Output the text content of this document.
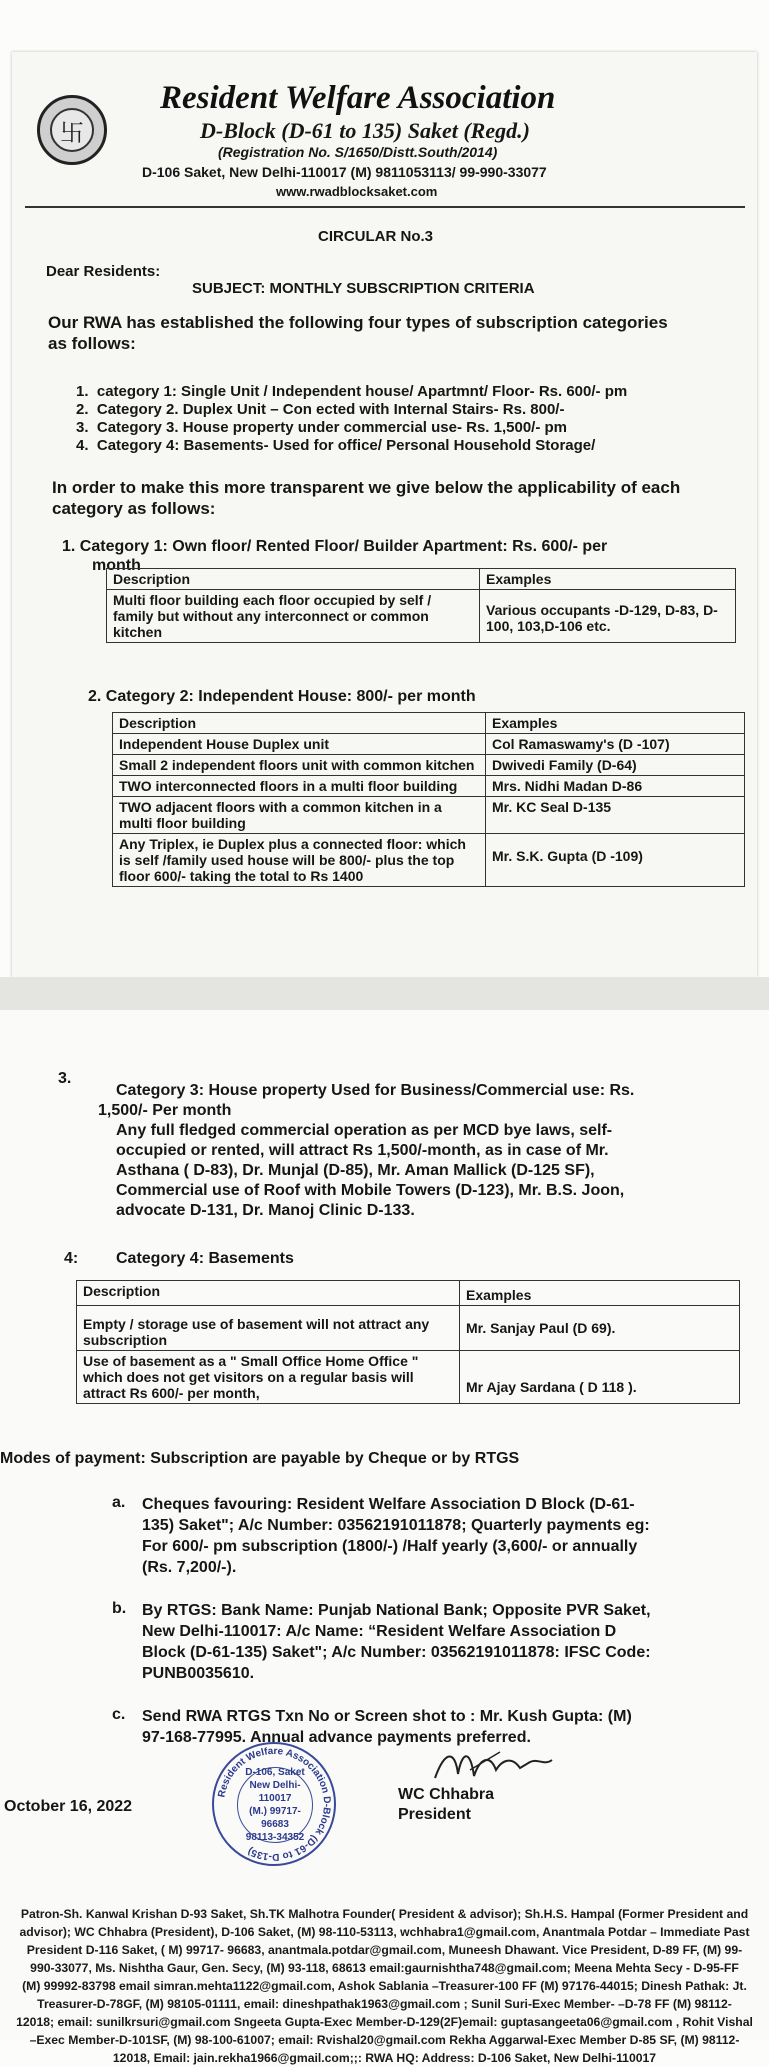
卐
Resident Welfare Association
D-Block (D-61 to 135) Saket (Regd.)
(Registration No. S/1650/Distt.South/2014)
D-106 Saket, New Delhi-110017 (M) 9811053113/ 99-990-33077
www.rwadblocksaket.com
CIRCULAR No.3
Dear Residents:
SUBJECT: MONTHLY SUBSCRIPTION CRITERIA
Our RWA has established the following four types of subscription categories
as follows:
1. category 1: Single Unit / Independent house/ Apartmnt/ Floor- Rs. 600/- pm
2. Category 2. Duplex Unit – Con ected with Internal Stairs- Rs. 800/-
3. Category 3. House property under commercial use- Rs. 1,500/- pm
4. Category 4: Basements- Used for office/ Personal Household Storage/
In order to make this more transparent we give below the applicability of each
category as follows:
1. Category 1: Own floor/ Rented Floor/ Builder Apartment: Rs. 600/- per
month
Description	Examples
Multi floor building each floor occupied by self / family but without any interconnect or common kitchen	Various occupants -D-129, D-83, D-100, 103,D-106 etc.
2. Category 2: Independent House: 800/- per month
Description	Examples
Independent House Duplex unit	Col Ramaswamy's (D -107)
Small 2 independent floors unit with common kitchen	Dwivedi Family (D-64)
TWO interconnected floors in a multi floor building	Mrs. Nidhi Madan D-86
TWO adjacent floors with a common kitchen in a multi floor building	Mr. KC Seal D-135
Any Triplex, ie Duplex plus a connected floor: which is self /family used house will be 800/- plus the top floor 600/- taking the total to Rs 1400	Mr. S.K. Gupta (D -109)
3.
Category 3: House property Used for Business/Commercial use: Rs.
1,500/- Per month
Any full fledged commercial operation as per MCD bye laws, self-
occupied or rented, will attract Rs 1,500/-month, as in case of Mr.
Asthana ( D-83), Dr. Munjal (D-85), Mr. Aman Mallick (D-125 SF),
Commercial use of Roof with Mobile Towers (D-123), Mr. B.S. Joon,
advocate D-131, Dr. Manoj Clinic D-133.
4: Category 4: Basements
Description	Examples
Empty / storage use of basement will not attract any subscription	Mr. Sanjay Paul (D 69).
Use of basement as a " Small Office Home Office " which does not get visitors on a regular basis will attract Rs 600/- per month,	Mr Ajay Sardana ( D 118 ).
Modes of payment: Subscription are payable by Cheque or by RTGS
a. Cheques favouring: Resident Welfare Association D Block (D-61-
135) Saket"; A/c Number: 03562191011878; Quarterly payments eg:
For 600/- pm subscription (1800/-) /Half yearly (3,600/- or annually
(Rs. 7,200/-).
b. By RTGS: Bank Name: Punjab National Bank; Opposite PVR Saket,
New Delhi-110017: A/c Name: “Resident Welfare Association D
Block (D-61-135) Saket"; A/c Number: 03562191011878: IFSC Code:
PUNB0035610.
c. Send RWA RTGS Txn No or Screen shot to : Mr. Kush Gupta: (M)
97-168-77995. Annual advance payments preferred.
October 16, 2022
Resident Welfare Association D-Block (D-61 to D-135)
D-106, Saket
New Delhi-110017
(M.) 99717-96683
98113-34352
WC Chhabra
President
Patron-Sh. Kanwal Krishan D-93 Saket, Sh.TK Malhotra Founder( President & advisor); Sh.H.S. Hampal (Former President and
advisor); WC Chhabra (President), D-106 Saket, (M) 98-110-53113, wchhabra1@gmail.com, Anantmala Potdar – Immediate Past
President D-116 Saket, ( M) 99717- 96683, anantmala.potdar@gmail.com, Muneesh Dhawant. Vice President, D-89 FF, (M) 99-
990-33077, Ms. Nishtha Gaur, Gen. Secy, (M) 93-118, 68613 email:gaurnishtha748@gmail.com; Meena Mehta Secy - D-95-FF
(M) 99992-83798 email simran.mehta1122@gmail.com, Ashok Sablania –Treasurer-100 FF (M) 97176-44015; Dinesh Pathak: Jt.
Treasurer-D-78GF, (M) 98105-01111, email: dineshpathak1963@gmail.com ; Sunil Suri-Exec Member- –D-78 FF (M) 98112-
12018; email: sunilkrsuri@gmail.com Sngeeta Gupta-Exec Member-D-129(2F)email: guptasangeeta06@gmail.com , Rohit Vishal
–Exec Member-D-101SF, (M) 98-100-61007; email: Rvishal20@gmail.com Rekha Aggarwal-Exec Member D-85 SF, (M) 98112-
12018, Email: jain.rekha1966@gmail.com;;: RWA HQ: Address: D-106 Saket, New Delhi-110017
